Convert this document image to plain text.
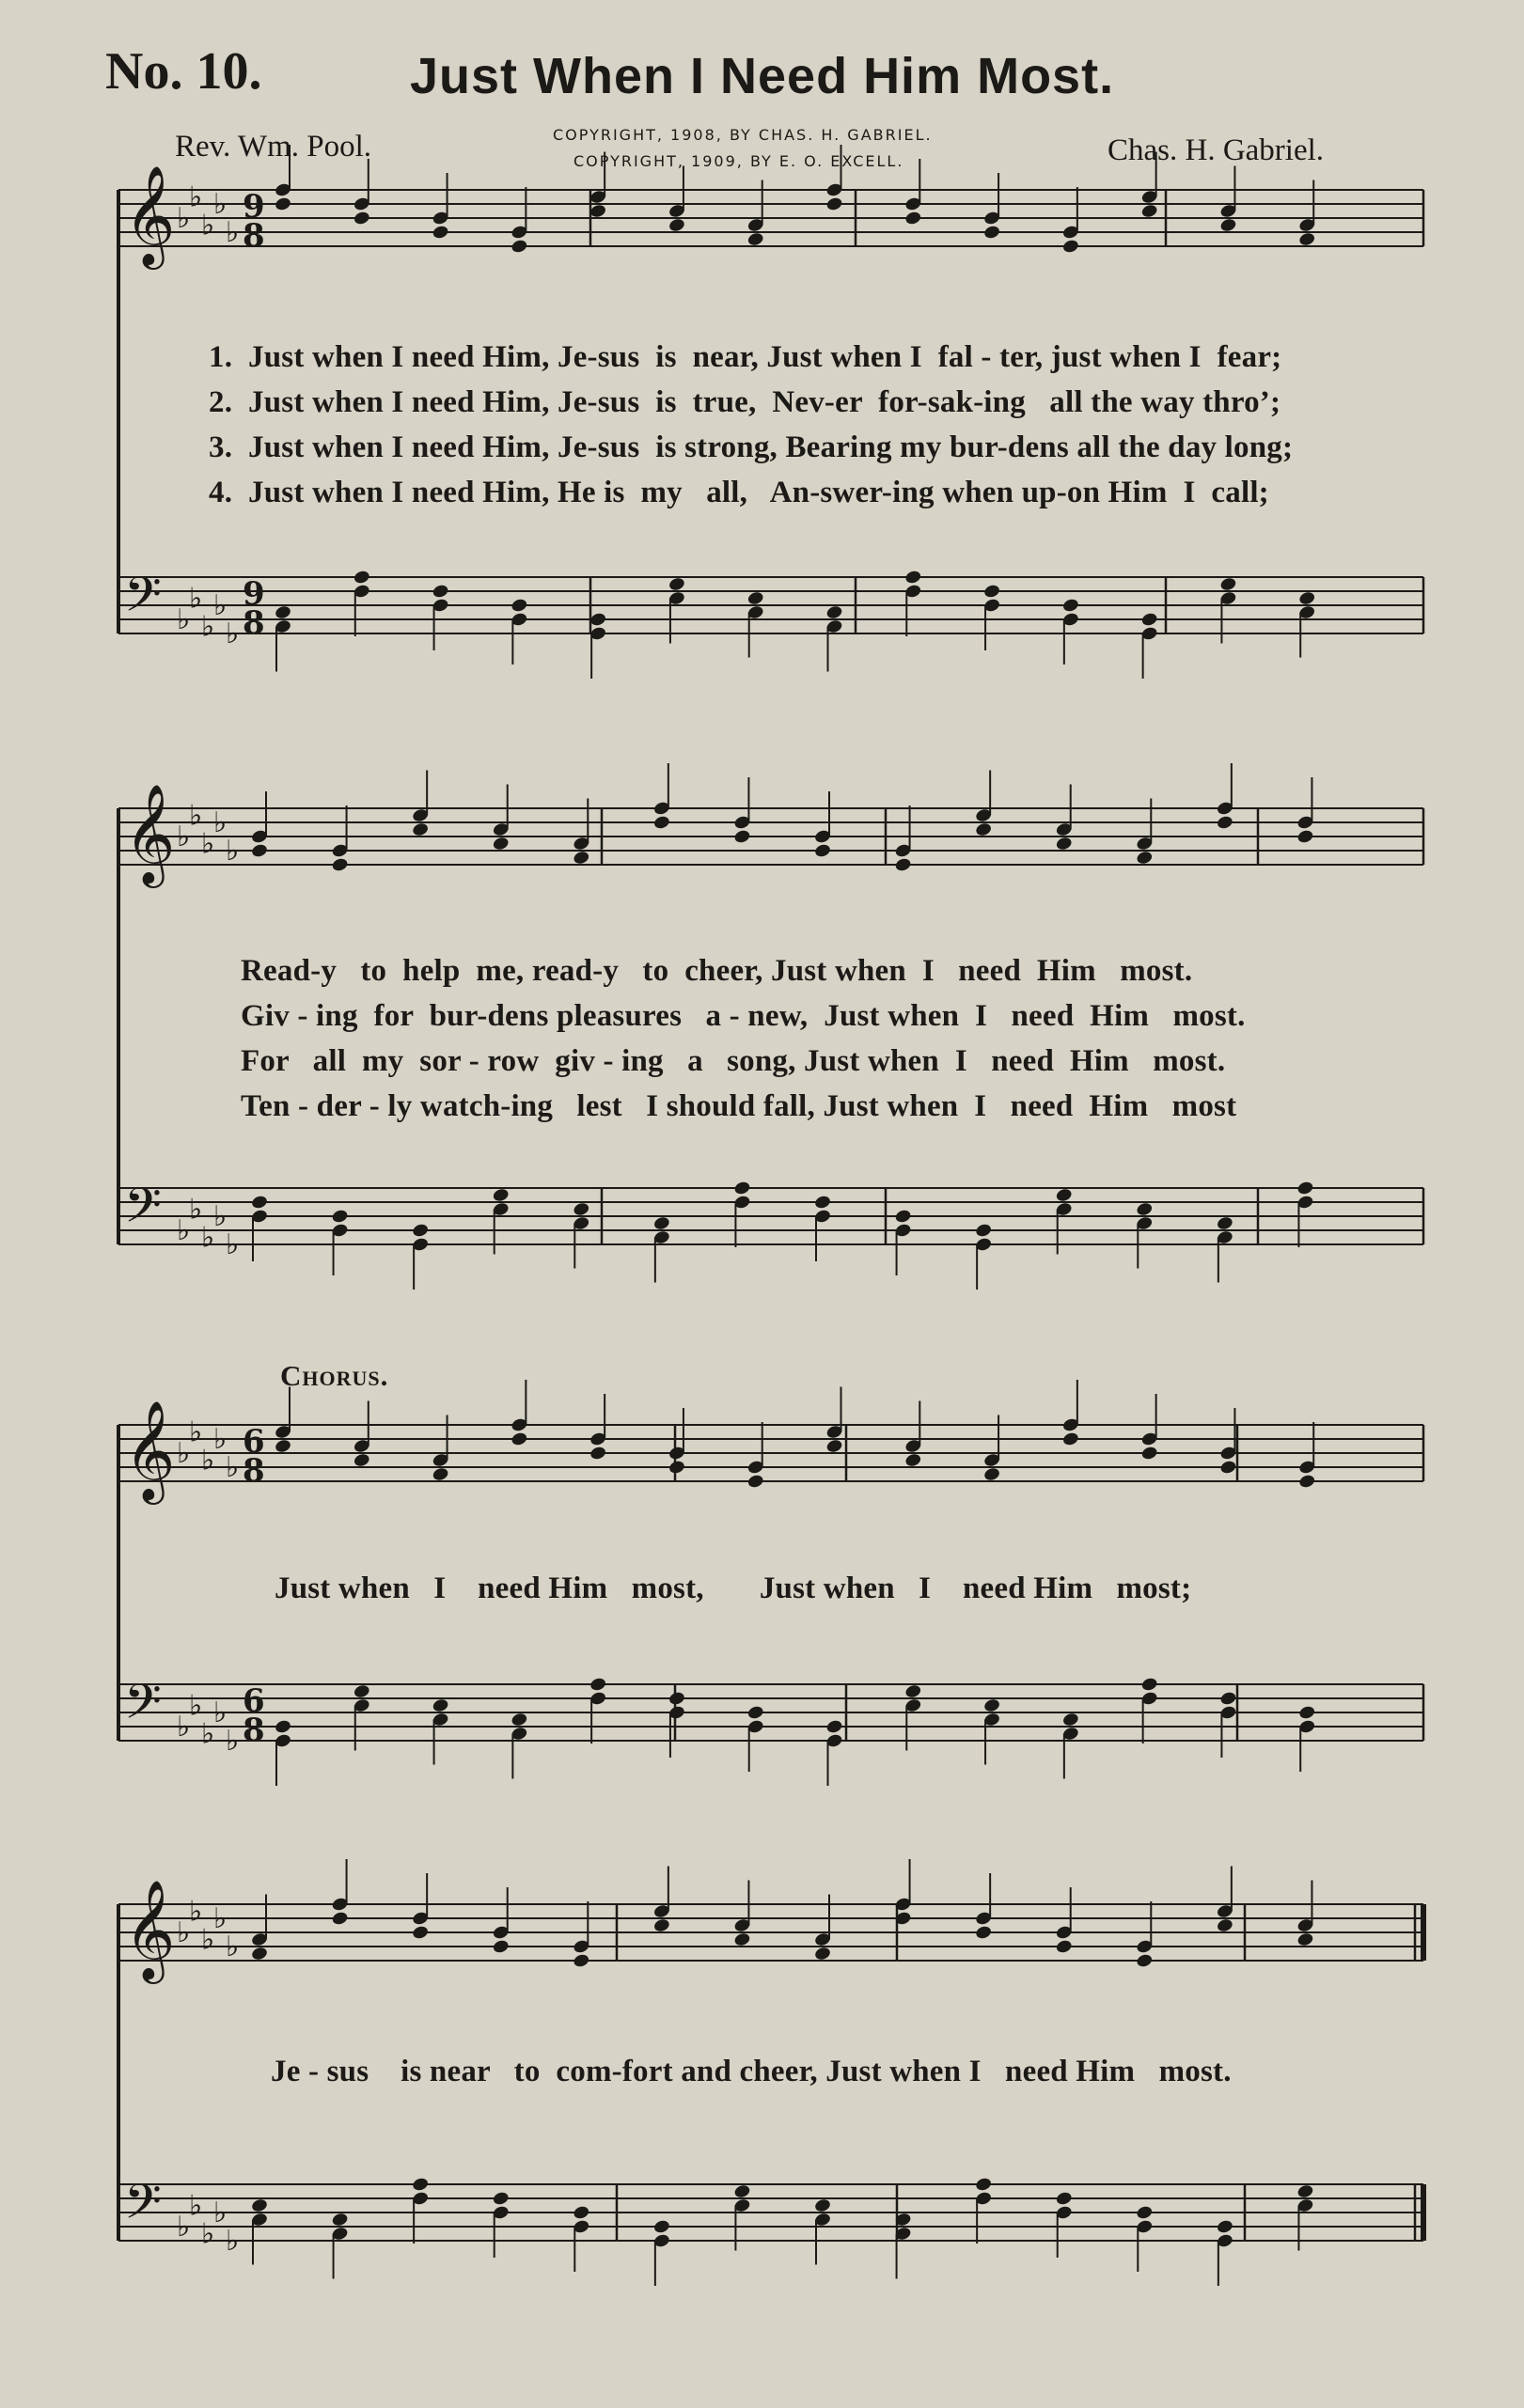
No. 10.	Just When I Need Him Most.
Rev. Wm. Pool.	COPYRIGHT, 1908, BY CHAS. H. GABRIEL.
COPYRIGHT, 1909, BY E. O. EXCELL.	Chas. H. Gabriel.
𝄞 ♭
♭
♭
♭
♭
9
8
𝄢 ♭
♭
♭
♭
♭
9
8
𝄞 ♭
♭
♭
♭
♭
𝄢 ♭
♭
♭
♭
♭
𝄞 ♭
♭
♭
♭
♭
6
8
𝄢 ♭
♭
♭
♭
♭
6
8
𝄞 ♭
♭
♭
♭
♭
𝄢 ♭
♭
♭
♭
♭
1.  Just when I need Him, Je-sus  is  near, Just when I  fal - ter, just when I  fear;
2.  Just when I need Him, Je-sus  is  true,  Nev-er  for-sak-ing   all the way thro’;
3.  Just when I need Him, Je-sus  is strong, Bearing my bur-dens all the day long;
4.  Just when I need Him, He is  my   all,   An-swer-ing when up-on Him  I  call;
Read-y   to  help  me, read-y   to  cheer, Just when  I   need  Him   most.
Giv - ing  for  bur-dens pleasures   a - new,  Just when  I   need  Him   most.
For   all  my  sor - row  giv - ing   a   song, Just when  I   need  Him   most.
Ten - der - ly watch-ing   lest   I should fall, Just when  I   need  Him   most
Chorus.
Just when   I    need Him   most,       Just when   I    need Him   most;
Je - sus    is near   to  com-fort and cheer, Just when I   need Him   most.
